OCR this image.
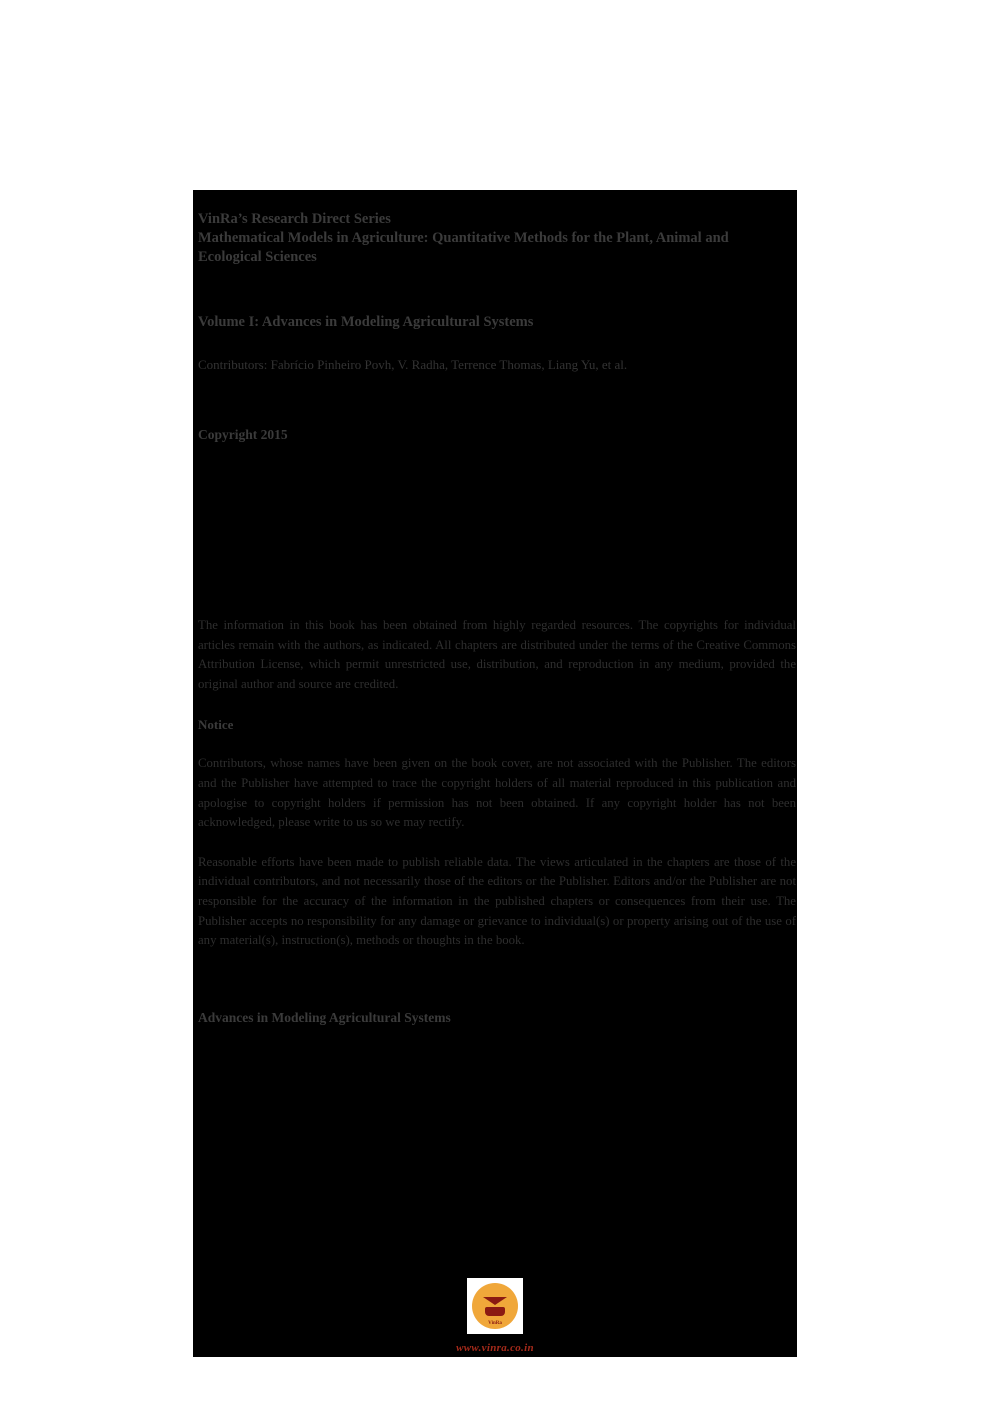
VinRa’s Research Direct Series
Mathematical Models in Agriculture: Quantitative Methods for the Plant, Animal and Ecological Sciences
Volume I: Advances in Modeling Agricultural Systems
Contributors: Fabrício Pinheiro Povh, V. Radha, Terrence Thomas, Liang Yu, et al.
Copyright 2015
The information in this book has been obtained from highly regarded resources. The copyrights for individual articles remain with the authors, as indicated. All chapters are distributed under the terms of the Creative Commons Attribution License, which permit unrestricted use, distribution, and reproduction in any medium, provided the original author and source are credited.
Notice
Contributors, whose names have been given on the book cover, are not associated with the Publisher. The editors and the Publisher have attempted to trace the copyright holders of all material reproduced in this publication and apologise to copyright holders if permission has not been obtained. If any copyright holder has not been acknowledged, please write to us so we may rectify.
Reasonable efforts have been made to publish reliable data. The views articulated in the chapters are those of the individual contributors, and not necessarily those of the editors or the Publisher. Editors and/or the Publisher are not responsible for the accuracy of the information in the published chapters or consequences from their use. The Publisher accepts no responsibility for any damage or grievance to individual(s) or property arising out of the use of any material(s), instruction(s), methods or thoughts in the book.
Advances in Modeling Agricultural Systems
VinRa
www.vinra.co.in
